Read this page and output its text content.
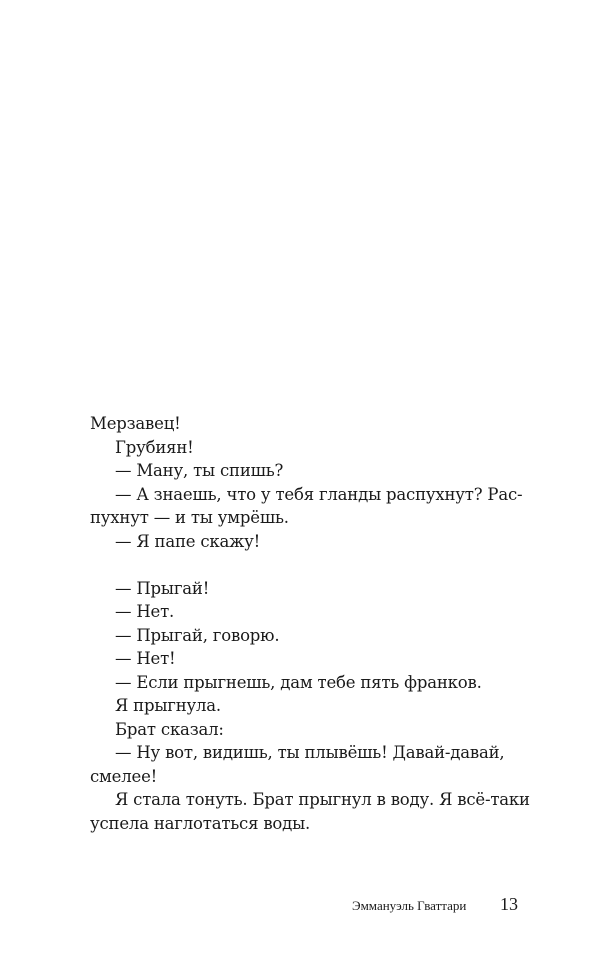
Мерзавец!
Грубиян!
— Ману, ты спишь?
— А знаешь, что у тебя гланды распухнут? Рас-
пухнут — и ты умрёшь.
— Я папе скажу!
— Прыгай!
— Нет.
— Прыгай, говорю.
— Нет!
— Если прыгнешь, дам тебе пять франков.
Я прыгнула.
Брат сказал:
— Ну вот, видишь, ты плывёшь! Давай-давай,
смелее!
Я стала тонуть. Брат прыгнул в воду. Я всё-таки
успела наглотаться воды.
Эммануэль Гваттари 13
